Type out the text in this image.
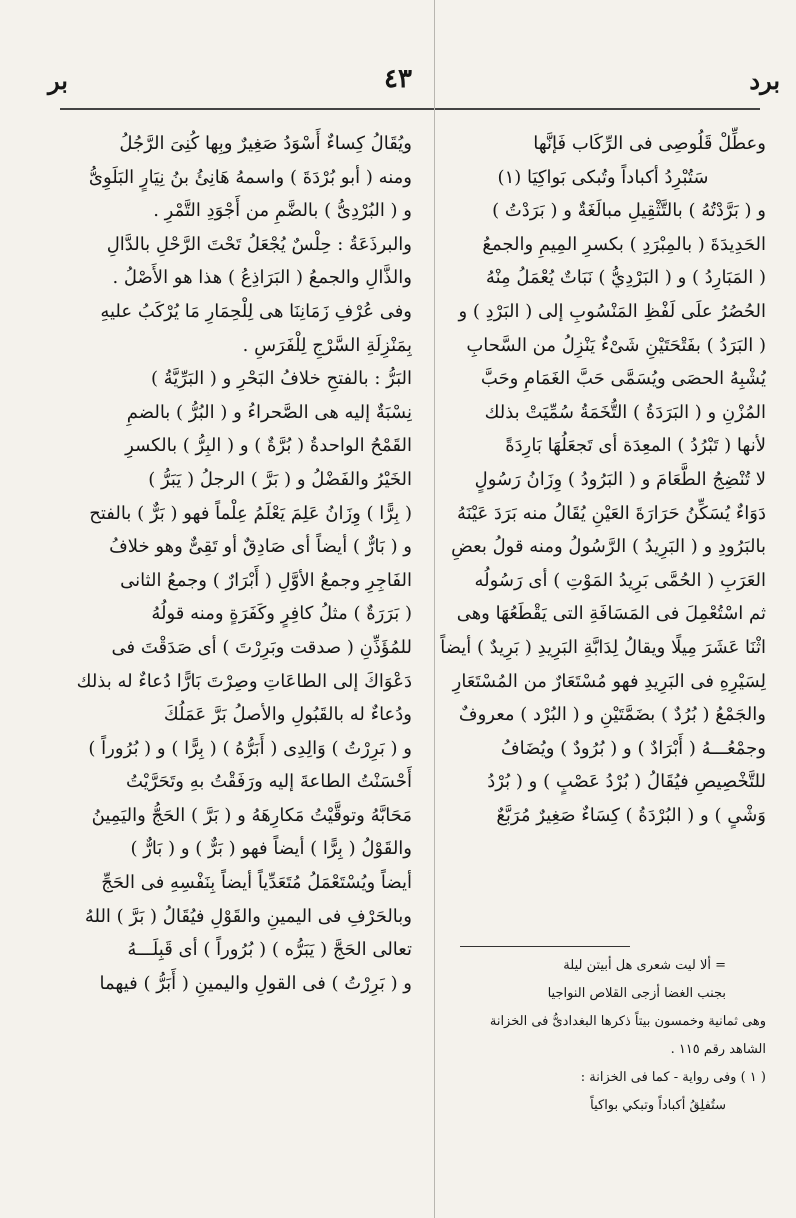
برد
٤٣
بر
وعطِّلْ قَلُوصِى فى الرِّكَاب فَإنَّها
سَتُبْرِدُ أكباداً وتُبكى بَواكِيَا (١)
و ( بَرَّدْتُهُ ) بالتَّثْقِيلِ مبالَغَةٌ و ( بَرَدْتُ )
الحَدِيدَةَ ( بالمِبْرَدِ ) بكسرِ المِيمِ والجمعُ
( المَبَارِدُ ) و ( البَرْدِيُّ ) نَبَاتٌ يُعْمَلُ مِنْهُ
الحُصُرُ علَى لَفْظِ المَنْسُوبِ إلى ( البَرْدِ ) و
( البَرَدُ ) بفَتْحَتَيْنِ شَىْءٌ يَنْزِلُ من السَّحابِ
يُشْبِهُ الحصَى ويُسَمَّى حَبَّ الغَمَامِ وحَبَّ
المُزْنِ و ( البَرَدَةُ ) التُّخَمَةُ سُمِّيَتْ بذلك
لأنها ( تَبْرُدُ ) المعِدَة أى تَجعَلُهَا بَارِدَةً
لا تُنْضِجُ الطَّعَامَ و ( البَرُودُ ) وِزَانُ رَسُولٍ
دَوَاءٌ يُسَكِّنُ حَرَارَةَ العَيْنِ يُقَالُ منه بَرَدَ عَيْنَهُ
بالبَرُودِ و ( البَرِيدُ ) الرَّسُولُ ومنه قولُ بعضِ
العَرَبِ ( الحُمَّى بَرِيدُ المَوْتِ ) أى رَسُولُه
ثم اسْتُعْمِلَ فى المَسَافَةِ التى يَقْطَعُهَا وهى
اثْنَا عَشَرَ مِيلًا ويقالُ لِدَابَّةِ البَرِيدِ ( بَرِيدٌ ) أيضاً
لِسَيْرِهِ فى البَرِيدِ فهو مُسْتَعَارٌ من المُسْتَعَارِ
والجَمْعُ ( بُرُدٌ ) بضَمَّتَيْنِ و ( البُرْد ) معروفٌ
وجمْعُـــهُ ( أَبْرَادٌ ) و ( بُرُودٌ ) ويُضَافُ
للتَّخْصِيصِ فيُقَالُ ( بُرْدُ عَصْبٍ ) و ( بُرْدُ
وَشْىٍ ) و ( البُرْدَةُ ) كِسَاءٌ صَغِيرٌ مُرَبَّعٌ
= ألا ليت شعرى هل أبيتن ليلة
بجنب الغضا أزجى القلاص النواجيا
وهى ثمانية وخمسون بيتاً ذكرها البغدادىُّ فى الخزانة
الشاهد رقم ١١٥ .
( ١ ) وفى رواية - كما فى الخزانة :
ستُفلِقُ أكباداً وتبكي بواكياً
ويُقَالُ كِساءٌ أَسْوَدُ صَغِيرٌ وبِها كُنِىَ الرَّجُلُ
ومنه ( أبو بُرْدَةَ ) واسمهُ هَانِئُ بنُ نِيَارٍ البَلَوِىُّ
و ( البُرْدِىُّ ) بالضَّمِ من أَجْوَدِ التَّمْرِ .
والبرذَعَةُ : حِلْسٌ يُجْعَلُ تَحْتَ الرَّحْلِ بالدَّالِ
والذَّالِ والجمعُ ( البَرَاذِعُ ) هذا هو الأَصْلُ .
وفى عُرْفِ زَمَانِنَا هى لِلْحِمَارِ مَا يُرْكَبُ عليهِ
بِمَنْزِلَةِ السَّرْجِ لِلْفَرَسِ .
البَرُّ : بالفتحِ خلافُ البَحْرِ و ( البَرِّيَّةُ )
نِسْبَةٌ إليه هى الصَّحراءُ و ( البُرُّ ) بالضمِ
القَمْحُ الواحدةُ ( بُرَّةٌ ) و ( البِرُّ ) بالكسرِ
الخَيْرُ والفَضْلُ و ( بَرَّ ) الرجلُ ( يَبَرُّ )
( بِرًّا ) وِزَانُ عَلِمَ يَعْلَمُ عِلْماً فهو ( بَرٌّ ) بالفتح
و ( بَارٌّ ) أيضاً أى صَادِقٌ أو تَقِىٌّ وهو خلافُ
الفَاجِرِ وجمعُ الأوَّلِ ( أَبْرَارٌ ) وجمعُ الثانى
( بَرَرَةٌ ) مثلُ كافِرٍ وكَفَرَةٍ ومنه قولُهُ
للمُؤَذِّنِ ( صدقت وبَرِرْتَ ) أى صَدَقْتَ فى
دَعْوَاكَ إلى الطاعَاتِ وصِرْتَ بَارًّا دُعاءٌ له بذلك
ودُعاءٌ له بالقَبُولِ والأصلُ بَرَّ عَمَلُكَ
و ( بَرِرْتُ ) وَالِدِى ( أَبَرُّهُ ) ( بِرًّا ) و ( بُرُوراً )
أَحْسَنْتُ الطاعةَ إليه ورَفَقْتُ بهِ وتَحَرَّيْتُ
مَحَابَّهُ وتوقَّيْتُ مَكارِهَهُ و ( بَرَّ ) الحَجُّ واليَمِينُ
والقَوْلُ ( بِرًّا ) أيضاً فهو ( بَرٌّ ) و ( بَارٌّ )
أيضاً ويُسْتَعْمَلُ مُتَعَدِّياً أيضاً بِنَفْسِهِ فى الحَجِّ
وبالحَرْفِ فى اليمينِ والقَوْلِ فيُقَالُ ( بَرَّ ) اللهُ
تعالى الحَجَّ ( يَبَرُّه ) ( بُرُوراً ) أى قَبِلَـــهُ
و ( بَرِرْتُ ) فى القولِ واليمينِ ( أَبَرُّ ) فيهما
